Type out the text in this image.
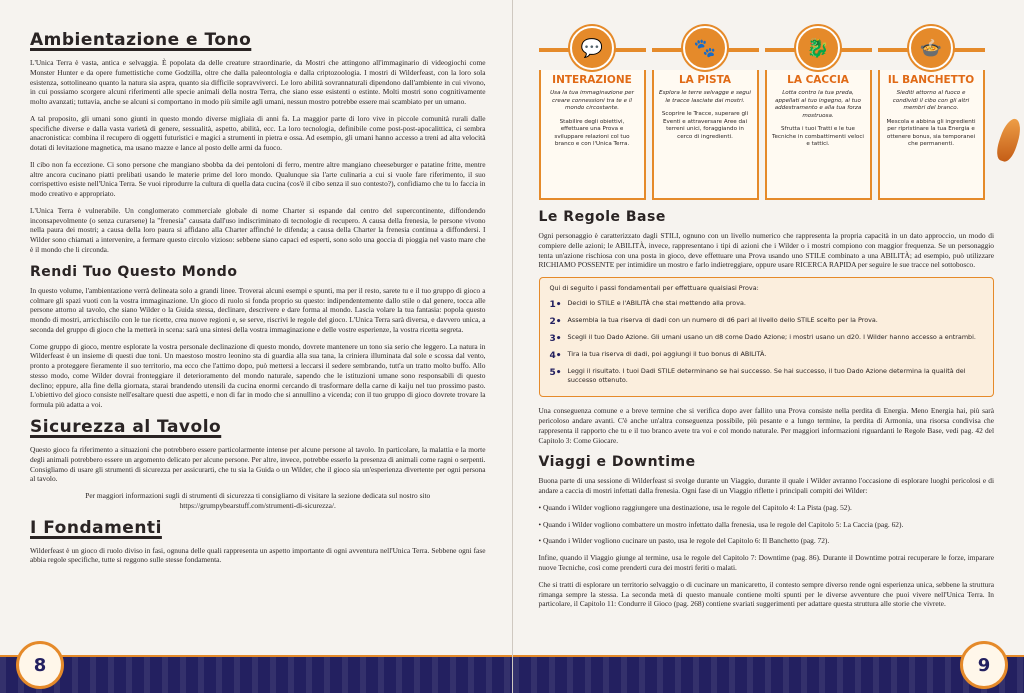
Ambientazione e Tono

L'Unica Terra è vasta, antica e selvaggia. È popolata da delle creature straordinarie, da Mostri che attingono all'immaginario di videogiochi come Monster Hunter e da opere fumettistiche come Godzilla, oltre che dalla paleontologia e dalla criptozoologia. I mostri di Wilderfeast, con la loro sola esistenza, sottolineano quanto la natura sia aspra, quanto sia difficile sopravviverci. Le loro abilità sovrannaturali dipendono dall'ambiente in cui vivono, in cui possiamo scorgere alcuni riferimenti alle specie animali della nostra Terra, che siano esse esistenti o estinte. Molti mostri sono cognitivamente molto avanzati; tuttavia, anche se alcuni si comportano in modo più simile agli umani, nessun mostro potrebbe essere mai scambiato per un umano.

A tal proposito, gli umani sono giunti in questo mondo diverse migliaia di anni fa. La maggior parte di loro vive in piccole comunità rurali dalle specifiche diverse e dalla vasta varietà di genere, sessualità, aspetto, abilità, ecc. La loro tecnologia, definibile come post-post-apocalittica, ci sembra anacronistica: combina il recupero di oggetti futuristici e magici a strumenti in pietra e ossa. Ad esempio, gli umani hanno accesso a treni ad alta velocità dotati di levitazione magnetica, ma usano mazze e lance al posto delle armi da fuoco.

Il cibo non fa eccezione. Ci sono persone che mangiano sbobba da dei pentoloni di ferro, mentre altre mangiano cheeseburger e patatine fritte, mentre altre ancora cucinano piatti prelibati usando le materie prime del loro mondo. Qualunque sia l'arte culinaria a cui si vuole fare riferimento, il suo corrispettivo esiste nell'Unica Terra. Se vuoi riprodurre la cultura di quella data cucina (cos'è il cibo senza il suo contesto?), confidiamo che tu lo faccia in modo creativo e appropriato.

L'Unica Terra è vulnerabile. Un conglomerato commerciale globale di nome Charter si espande dal centro del supercontinente, diffondendo inconsapevolmente (o senza curarsene) la "frenesia" causata dall'uso indiscriminato di tecnologie di recupero. A causa della frenesia, le persone vivono nella paura dei mostri; a causa della loro paura si affidano alla Charter affinché le difenda; a causa della Charter la frenesia continua a diffondersi. I Wilder sono chiamati a intervenire, a fermare questo circolo vizioso: sebbene siano capaci ed esperti, sono solo una goccia di pioggia nel vasto mare che è il mondo che li circonda.

Rendi Tuo Questo Mondo

In questo volume, l'ambientazione verrà delineata solo a grandi linee. Troverai alcuni esempi e spunti, ma per il resto, sarete tu e il tuo gruppo di gioco a colmare gli spazi vuoti con la vostra immaginazione. Un gioco di ruolo si fonda proprio su questo: indipendentemente dallo stile o dal genere, tocca alle persone attorno al tavolo, che siano Wilder o la Guida stessa, declinare, descrivere e dare forma al mondo. Lascia volare la tua fantasia: popola questo mondo di mostri, arricchiscilo con le tue ricette, crea nuove regioni e, se serve, riscrivi le regole del gioco. L'Unica Terra sarà diversa, e davvero unica, a seconda del gruppo di gioco che la metterà in scena: sarà una sintesi della vostra immaginazione e delle vostre esperienze, la vostra ricetta segreta.

Come gruppo di gioco, mentre esplorate la vostra personale declinazione di questo mondo, dovrete mantenere un tono sia serio che leggero. La natura in Wilderfeast è un insieme di questi due toni. Un maestoso mostro leonino sta di guardia alla sua tana, la criniera illuminata dal sole e scossa dal vento, pronto a proteggere fieramente il suo territorio, ma ecco che l'attimo dopo, può mettersi a leccarsi il sedere sembrando, tutt'a un tratto molto buffo. Allo stesso modo, come Wilder dovrai fronteggiare il deterioramento del mondo naturale, sapendo che le istituzioni umane sono responsabili di questo declino; eppure, alla fine della giornata, starai brandendo utensili da cucina enormi cercando di trasformare della carne di kaiju nel tuo prossimo pasto. L'obiettivo del gioco consiste nell'esaltare questi due aspetti, e non di far in modo che si annullino a vicenda; con il tuo gruppo di gioco dovrete trovare la formula più adatta a voi.

Sicurezza al Tavolo

Questo gioco fa riferimento a situazioni che potrebbero essere particolarmente intense per alcune persone al tavolo. In particolare, la malattia e la morte degli animali potrebbero essere un argomento delicato per alcune persone. Per altre, invece, potrebbe esserlo la presenza di animali come ragni o serpenti. Consigliamo di usare gli strumenti di sicurezza per assicurarti, che tu sia la Guida o un Wilder, che il gioco sia un'esperienza divertente per ogni persona al tavolo.

Per maggiori informazioni sugli di strumenti di sicurezza ti consigliamo di visitare la sezione dedicata sul nostro sito https://grumpybearstuff.com/strumenti-di-sicurezza/.

I Fondamenti

Wilderfeast è un gioco di ruolo diviso in fasi, ognuna delle quali rappresenta un aspetto importante di ogni avventura nell'Unica Terra. Sebbene ogni fase abbia regole specifiche, tutte si reggono sulle stesse fondamenta.

8
💬
INTERAZIONE

Usa la tua immaginazione per creare connessioni tra te e il mondo circostante.

Stabilire degli obiettivi, effettuare una Prova e sviluppare relazioni col tuo branco e con l'Unica Terra.

🐾
LA PISTA

Esplora le terre selvagge e segui le tracce lasciate dai mostri.

Scoprire le Tracce, superare gli Eventi e attraversare Aree dai terreni unici, foraggiando in cerco di ingredienti.

🐉
LA CACCIA

Lotta contro la tua preda, appellati al tuo ingegno, al tuo addestramento e alla tua forza mostruosa.

Sfrutta i tuoi Tratti e le tue Tecniche in combattimenti veloci e tattici.

🍲
IL BANCHETTO

Siediti attorno al fuoco e condividi il cibo con gli altri membri del branco.

Mescola e abbina gli ingredienti per ripristinare la tua Energia e ottenere bonus, sia temporanei che permanenti.

Le Regole Base

Ogni personaggio è caratterizzato dagli STILI, ognuno con un livello numerico che rappresenta la propria capacità in un dato approccio, un modo di compiere delle azioni; le ABILITÀ, invece, rappresentano i tipi di azioni che i Wilder o i mostri compiono con maggior frequenza. Se un personaggio tenta un'azione rischiosa con una posta in gioco, deve effettuare una Prova usando uno STILE combinato a una ABILITÀ; ad esempio, può utilizzare RICHIAMO POSSENTE per intimidire un mostro e farlo indietreggiare, oppure usare RICERCA RAPIDA per seguire le sue tracce nel sottobosco.

Qui di seguito i passi fondamentali per effettuare qualsiasi Prova:

1• Decidi lo STILE e l'ABILITÀ che stai mettendo alla prova.
2• Assembla la tua riserva di dadi con un numero di d6 pari al livello dello STILE scelto per la Prova.
3• Scegli il tuo Dado Azione. Gli umani usano un d8 come Dado Azione; i mostri usano un d20. I Wilder hanno accesso a entrambi.
4• Tira la tua riserva di dadi, poi aggiungi il tuo bonus di ABILITÀ.
5• Leggi il risultato. I tuoi Dadi STILE determinano se hai successo. Se hai successo, il tuo Dado Azione determina la qualità del successo ottenuto.

Una conseguenza comune e a breve termine che si verifica dopo aver fallito una Prova consiste nella perdita di Energia. Meno Energia hai, più sarà pericoloso andare avanti. C'è anche un'altra conseguenza possibile, più pesante e a lungo termine, la perdita di Armonia, una risorsa condivisa che rappresenta il rapporto che tu e il tuo branco avete tra voi e col mondo naturale. Per maggiori informazioni riguardanti le Regole Base, vedi pag. 42 del Capitolo 3: Come Giocare.

Viaggi e Downtime

Buona parte di una sessione di Wilderfeast si svolge durante un Viaggio, durante il quale i Wilder avranno l'occasione di esplorare luoghi pericolosi e di andare a caccia di mostri infettati dalla frenesia. Ogni fase di un Viaggio riflette i principali compiti dei Wilder:

• Quando i Wilder vogliono raggiungere una destinazione, usa le regole del Capitolo 4: La Pista (pag. 52).

• Quando i Wilder vogliono combattere un mostro infettato dalla frenesia, usa le regole del Capitolo 5: La Caccia (pag. 62).

• Quando i Wilder vogliono cucinare un pasto, usa le regole del Capitolo 6: Il Banchetto (pag. 72).

Infine, quando il Viaggio giunge al termine, usa le regole del Capitolo 7: Downtime (pag. 86). Durante il Downtime potrai recuperare le forze, imparare nuove Tecniche, così come prenderti cura dei mostri feriti o malati.

Che si tratti di esplorare un territorio selvaggio o di cucinare un manicaretto, il contesto sempre diverso rende ogni esperienza unica, sebbene la struttura rimanga sempre la stessa. La seconda metà di questo manuale contiene molti spunti per le diverse avventure che puoi vivere nell'Unica Terra. In particolare, il Capitolo 11: Condurre il Gioco (pag. 268) contiene svariati suggerimenti per adattare questa struttura alle storie che vivrete.

9
